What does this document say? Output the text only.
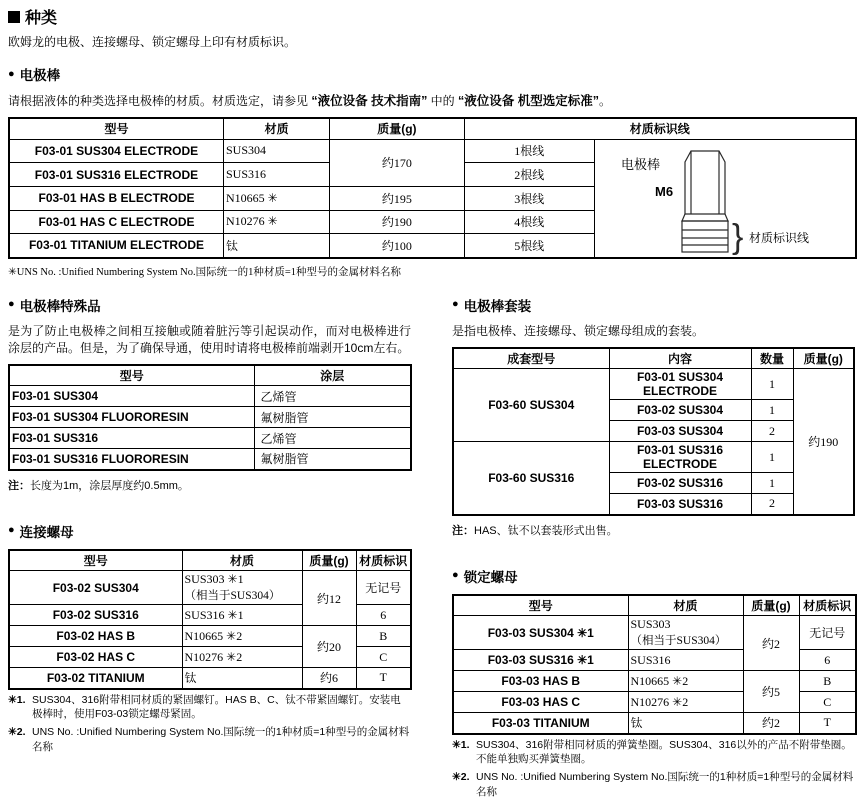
种类
欧姆龙的电极、连接螺母、锁定螺母上印有材质标识。
● 电极棒
请根据液体的种类选择电极棒的材质。材质选定，请参见 “液位设备 技术指南” 中的 “液位设备 机型选定标准”。
型号	材质	质量(g)	材质标识线	
F03-01 SUS304 ELECTRODE	SUS304	约170	1根线	}
电极棒
M6
材质标识线

F03-01 SUS316 ELECTRODE	SUS316		2根线	
F03-01 HAS B ELECTRODE	N10665 ✳	约195	3根线	
F03-01 HAS C ELECTRODE	N10276 ✳	约190	4根线	
F03-01 TITANIUM ELECTRODE	钛	约100	5根线	
✳UNS No. :Unified Numbering System No.国际统一的1种材质=1种型号的金属材料名称
● 电极棒特殊品
是为了防止电极棒之间相互接触或随着脏污等引起误动作，而对电极棒进行涂层的产品。但是，为了确保导通，使用时请将电极棒前端剥开10cm左右。
型号	涂层
F03-01 SUS304	乙烯管
F03-01 SUS304 FLUORORESIN	氟树脂管
F03-01 SUS316	乙烯管
F03-01 SUS316 FLUORORESIN	氟树脂管
注： 长度为1m，涂层厚度约0.5mm。
● 连接螺母
型号	材质	质量(g)	材质标识
F03-02 SUS304	SUS303 ✳1
（相当于SUS304）	约12	无记号
F03-02 SUS316	SUS316 ✳1		6
F03-02 HAS B	N10665 ✳2	约20	B
F03-02 HAS C	N10276 ✳2		C
F03-02 TITANIUM	钛	约6	T
✳1. SUS304、316附带相同材质的紧固螺钉。HAS B、C、钛不带紧固螺钉。安装电极棒时，使用F03-03锁定螺母紧固。
✳2. UNS No. :Unified Numbering System No.国际统一的1种材质=1种型号的金属材料名称
● 电极棒套装
是指电极棒、连接螺母、锁定螺母组成的套装。
成套型号	内容	数量	质量(g)
F03-60 SUS304	F03-01 SUS304 ELECTRODE	1	约190
	F03-02 SUS304	1	
	F03-03 SUS304	2	
F03-60 SUS316	F03-01 SUS316 ELECTRODE	1	
	F03-02 SUS316	1	
	F03-03 SUS316	2	
注： HAS、钛不以套装形式出售。
● 锁定螺母
型号	材质	质量(g)	材质标识
F03-03 SUS304 ✳1	SUS303
（相当于SUS304）	约2	无记号
F03-03 SUS316 ✳1	SUS316		6
F03-03 HAS B	N10665 ✳2	约5	B
F03-03 HAS C	N10276 ✳2		C
F03-03 TITANIUM	钛	约2	T
✳1. SUS304、316附带相同材质的弹簧垫圈。SUS304、316以外的产品不附带垫圈。不能单独购买弹簧垫圈。
✳2. UNS No. :Unified Numbering System No.国际统一的1种材质=1种型号的金属材料名称
